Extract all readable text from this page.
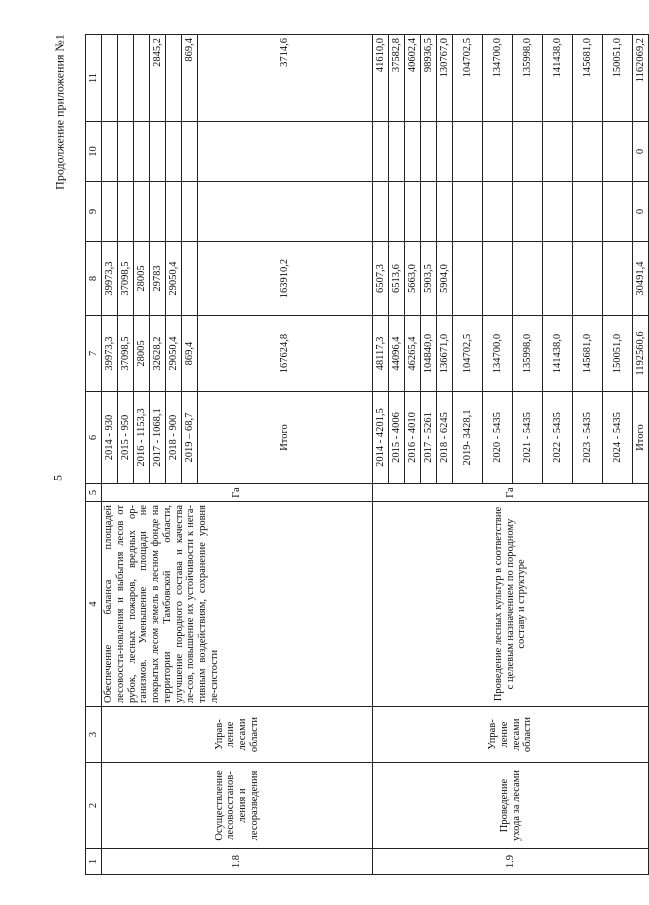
5
Продолжение приложения №1
1	2	3	4	5	6	7	8	9	10	11
1.8	Осуществление лесовосстанов-ления и лесоразведения	Управ-ление лесами области	Обеспечение баланса площадей лесовосста-новления и выбытия лесов от рубок, лесных пожаров, вредных ор-ганизмов. Уменьшение площади не покрытых лесом земель в лесном фонде на территории Тамбовской области, улучшение породного состава и качества ле-сов, повышение их устойчивости к нега-тивным воздействиям, сохранение уровня ле-систости	Га	2014 - 930	39973,3	39973,3			
					2015 - 950	37098,5	37098,5			
					2016 - 1153,3	28005	28005			
					2017 - 1068,1	32628,2	29783			2845,2
					2018 - 900	29050,4	29050,4			
					2019 – 68,7	869,4				869,4
					Итого	167624,8	163910,2			3714,6
1.9	Проведение ухода за лесами	Управ-ление лесами области	Проведение лесных культур в соответствие с целевым назначением по породному составу и структуре	Га	2014 - 4201,5	48117,3	6507,3			41610,0
					2015 - 4006	44096,4	6513,6			37582,8
					2016 - 4010	46265,4	5663,0			40602,4
					2017 - 5261	104840,0	5903,5			98936,5
					2018 - 6245	136671,0	5904,0			130767,0
					2019- 3428,1	104702,5				104702,5
					2020 - 5435	134700,0				134700,0
					2021 - 5435	135998,0				135998,0
					2022 - 5435	141438,0				141438,0
					2023 - 5435	145681,0				145681,0
					2024 - 5435	150051,0				150051,0
					Итого	1192560,6	30491,4	0	0	1162069,2
